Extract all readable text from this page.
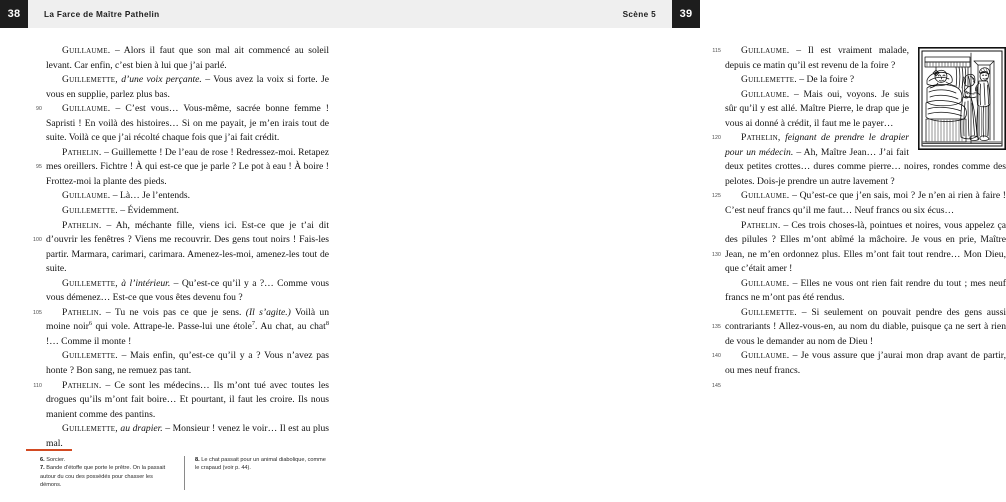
38	La Farce de Maître Pathelin

Guillaume. – Alors il faut que son mal ait commencé au soleil levant. Car enfin, c’est bien à lui que j’ai parlé.

Guillemette, d’une voix perçante. – Vous avez la voix si forte. Je vous en supplie, parlez plus bas.

90 Guillaume. – C’est vous… Vous-même, sacrée bonne femme ! Sapristi ! En voilà des histoires… Si on me payait, je m’en irais tout de suite. Voilà ce que j’ai récolté chaque fois que j’ai fait crédit.

95
Pathelin. – Guillemette ! De l’eau de rose ! Redressez-moi. Retapez mes oreillers. Fichtre ! À qui est-ce que je parle ? Le pot à eau ! À boire ! Frottez-moi la plante des pieds.

Guillaume. – Là… Je l’entends.

Guillemette. – Évidemment.

100
Pathelin. – Ah, méchante fille, viens ici. Est-ce que je t’ai dit d’ouvrir les fenêtres ? Viens me recouvrir. Des gens tout noirs ! Fais-les partir. Marmara, carimari, carimara. Amenez-les-moi, amenez-les tout de suite.

Guillemette, à l’intérieur. – Qu’est-ce qu’il y a ?… Comme vous vous démenez… Est-ce que vous êtes devenu fou ?

105 Pathelin. – Tu ne vois pas ce que je sens. (Il s’agite.) Voilà un moine noir$^6$ qui vole. Attrape-le. Passe-lui une étole$^7$. Au chat, au chat$^8$ !… Comme il monte !

Guillemette. – Mais enfin, qu’est-ce qu’il y a ? Vous n’avez pas honte ? Bon sang, ne remuez pas tant.

110 Pathelin. – Ce sont les médecins… Ils m’ont tué avec toutes les drogues qu’ils m’ont fait boire… Et pourtant, il faut les croire. Ils nous manient comme des pantins.

Guillemette, au drapier. – Monsieur ! venez le voir… Il est au plus mal.

6. Sorcier.

7. Bande d’étoffe que porte le prêtre. On la passait autour du cou des possédés pour chasser les démons.

8. Le chat passait pour un animal diabolique, comme le crapaud (voir p. 44).

Scène 5	39

115 Guillaume. – Il est vraiment malade, depuis ce matin qu’il est revenu de la foire ?

Guillemette. – De la foire ?

120
Guillaume. – Mais oui, voyons. Je suis sûr qu’il y est allé. Maître Pierre, le drap que je vous ai donné à crédit, il faut me le payer…

Pathelin, feignant de prendre le drapier pour un médecin. – Ah, Maître Jean… J’ai fait deux petites crottes… dures comme pierre… noires, rondes comme des pelotes. Dois-je prendre un autre lavement ?

125 Guillaume. – Qu’est-ce que j’en sais, moi ? Je n’en ai rien à faire ! C’est neuf francs qu’il me faut… Neuf francs ou six écus…

130
Pathelin. – Ces trois choses-là, pointues et noires, vous appelez ça des pilules ? Elles m’ont abîmé la mâchoire. Je vous en prie, Maître Jean, ne m’en ordonnez plus. Elles m’ont fait tout rendre… Mon Dieu, que c’était amer !

135
Guillaume. – Elles ne vous ont rien fait rendre du tout ; mes neuf francs ne m’ont pas été rendus.

140
Guillemette. – Si seulement on pouvait pendre des gens aussi contrariants ! Allez-vous-en, au nom du diable, puisque ça ne sert à rien de vous le demander au nom de Dieu !

145
Guillaume. – Je vous assure que j’aurai mon drap avant de partir, ou mes neuf francs.
